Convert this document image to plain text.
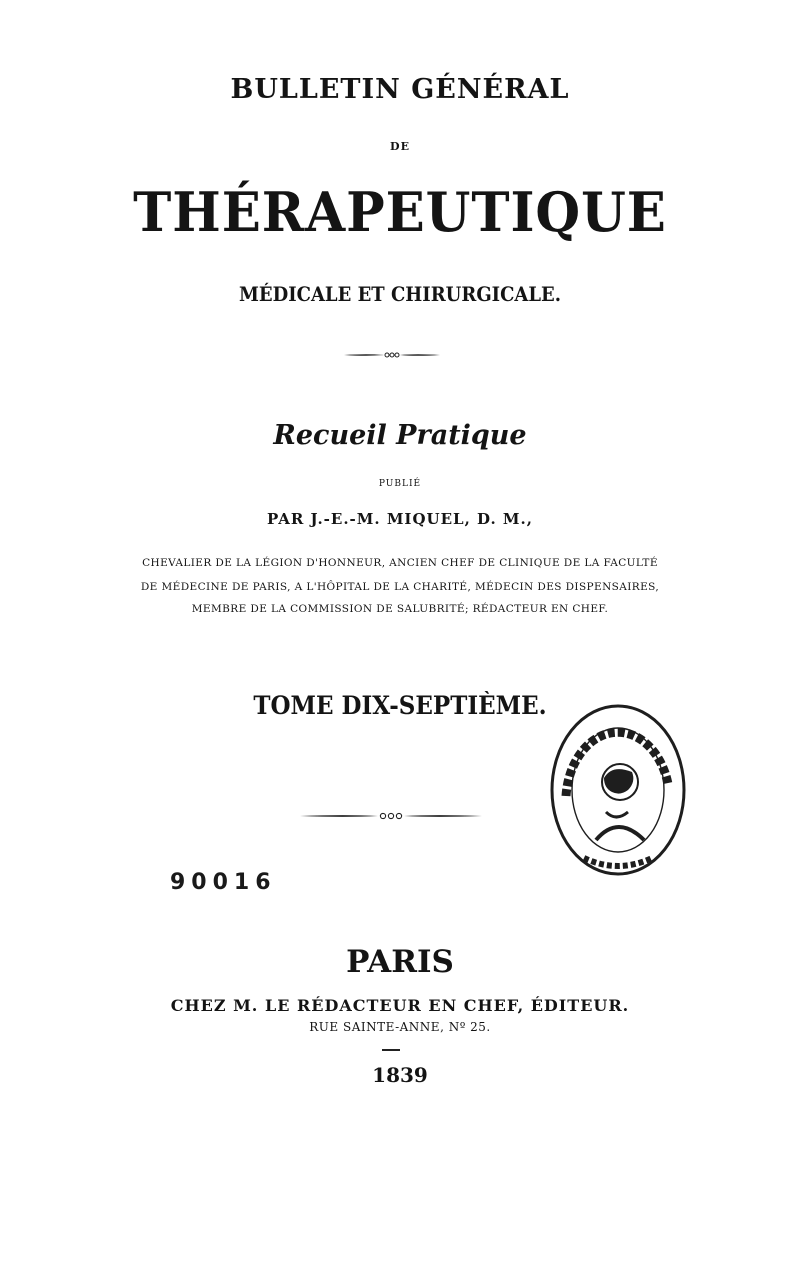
BULLETIN GÉNÉRAL
DE
THÉRAPEUTIQUE
MÉDICALE ET CHIRURGICALE.
Recueil Pratique
PUBLIÉ
PAR J.-E.-M. MIQUEL, D. M.,
CHEVALIER DE LA LÉGION D'HONNEUR, ANCIEN CHEF DE CLINIQUE DE LA FACULTÉ
DE MÉDECINE DE PARIS, A L'HÔPITAL DE LA CHARITÉ, MÉDECIN DES DISPENSAIRES,
MEMBRE DE LA COMMISSION DE SALUBRITÉ; RÉDACTEUR EN CHEF.
TOME DIX-SEPTIÈME.
90016
PARIS
CHEZ M. LE RÉDACTEUR EN CHEF, ÉDITEUR.
RUE SAINTE-ANNE, Nº 25.
1839
